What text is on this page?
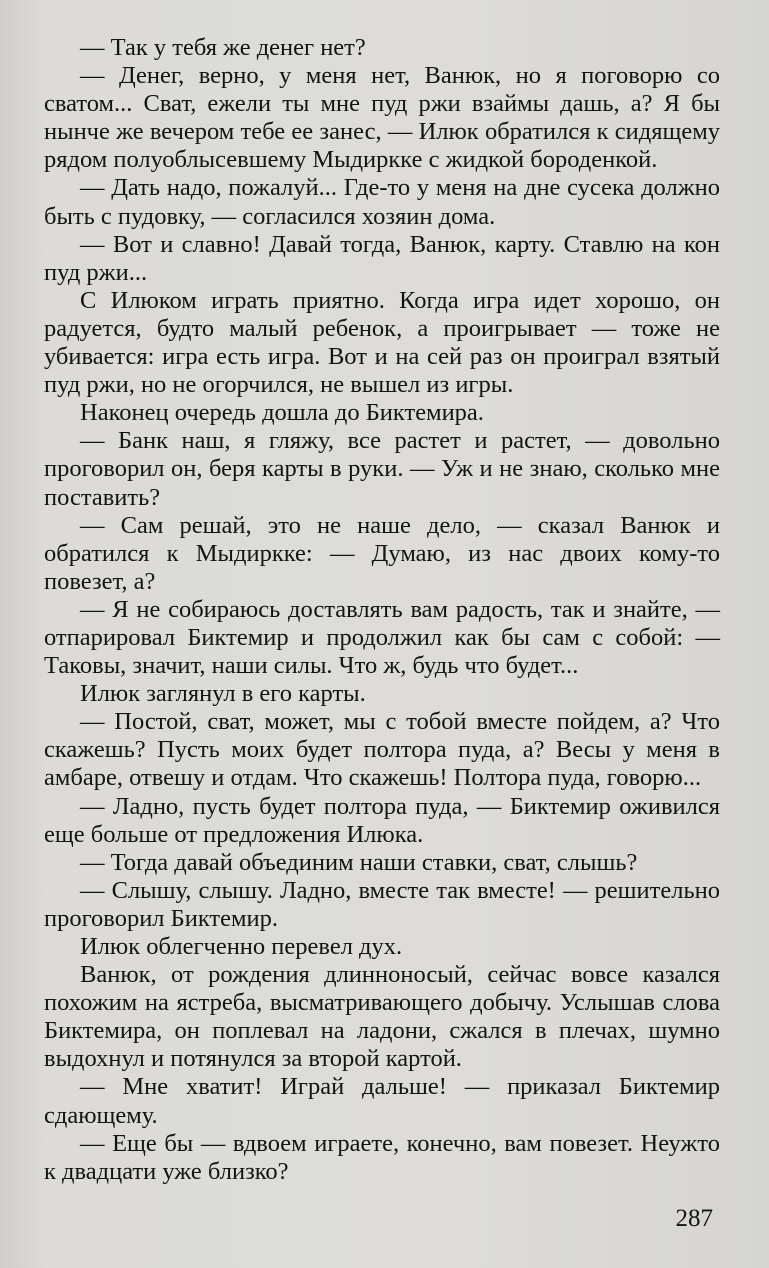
— Так у тебя же денег нет?

— Денег, верно, у меня нет, Ванюк, но я поговорю со сватом... Сват, ежели ты мне пуд ржи взаймы дашь, а? Я бы нынче же вечером тебе ее занес, — Илюк обратился к сидящему рядом полуоблысевшему Мыдиркке с жидкой бороденкой.

— Дать надо, пожалуй... Где-то у меня на дне сусека должно быть с пудовку, — согласился хозяин дома.

— Вот и славно! Давай тогда, Ванюк, карту. Ставлю на кон пуд ржи...

С Илюком играть приятно. Когда игра идет хорошо, он радуется, будто малый ребенок, а проигрывает — тоже не убивается: игра есть игра. Вот и на сей раз он проиграл взятый пуд ржи, но не огорчился, не вышел из игры.

Наконец очередь дошла до Биктемира.

— Банк наш, я гляжу, все растет и растет, — довольно проговорил он, беря карты в руки. — Уж и не знаю, сколько мне поставить?

— Сам решай, это не наше дело, — сказал Ванюк и обратился к Мыдиркке: — Думаю, из нас двоих кому-то повезет, а?

— Я не собираюсь доставлять вам радость, так и знайте, — отпарировал Биктемир и продолжил как бы сам с собой: — Таковы, значит, наши силы. Что ж, будь что будет...

Илюк заглянул в его карты.

— Постой, сват, может, мы с тобой вместе пойдем, а? Что скажешь? Пусть моих будет полтора пуда, а? Весы у меня в амбаре, отвешу и отдам. Что скажешь! Полтора пуда, говорю...

— Ладно, пусть будет полтора пуда, — Биктемир оживился еще больше от предложения Илюка.

— Тогда давай объединим наши ставки, сват, слышь?

— Слышу, слышу. Ладно, вместе так вместе! — решительно проговорил Биктемир.

Илюк облегченно перевел дух.

Ванюк, от рождения длинноносый, сейчас вовсе казался похожим на ястреба, высматривающего добычу. Услышав слова Биктемира, он поплевал на ладони, сжался в плечах, шумно выдохнул и потянулся за второй картой.

— Мне хватит! Играй дальше! — приказал Биктемир сдающему.

— Еще бы — вдвоем играете, конечно, вам повезет. Неужто к двадцати уже близко?

287
